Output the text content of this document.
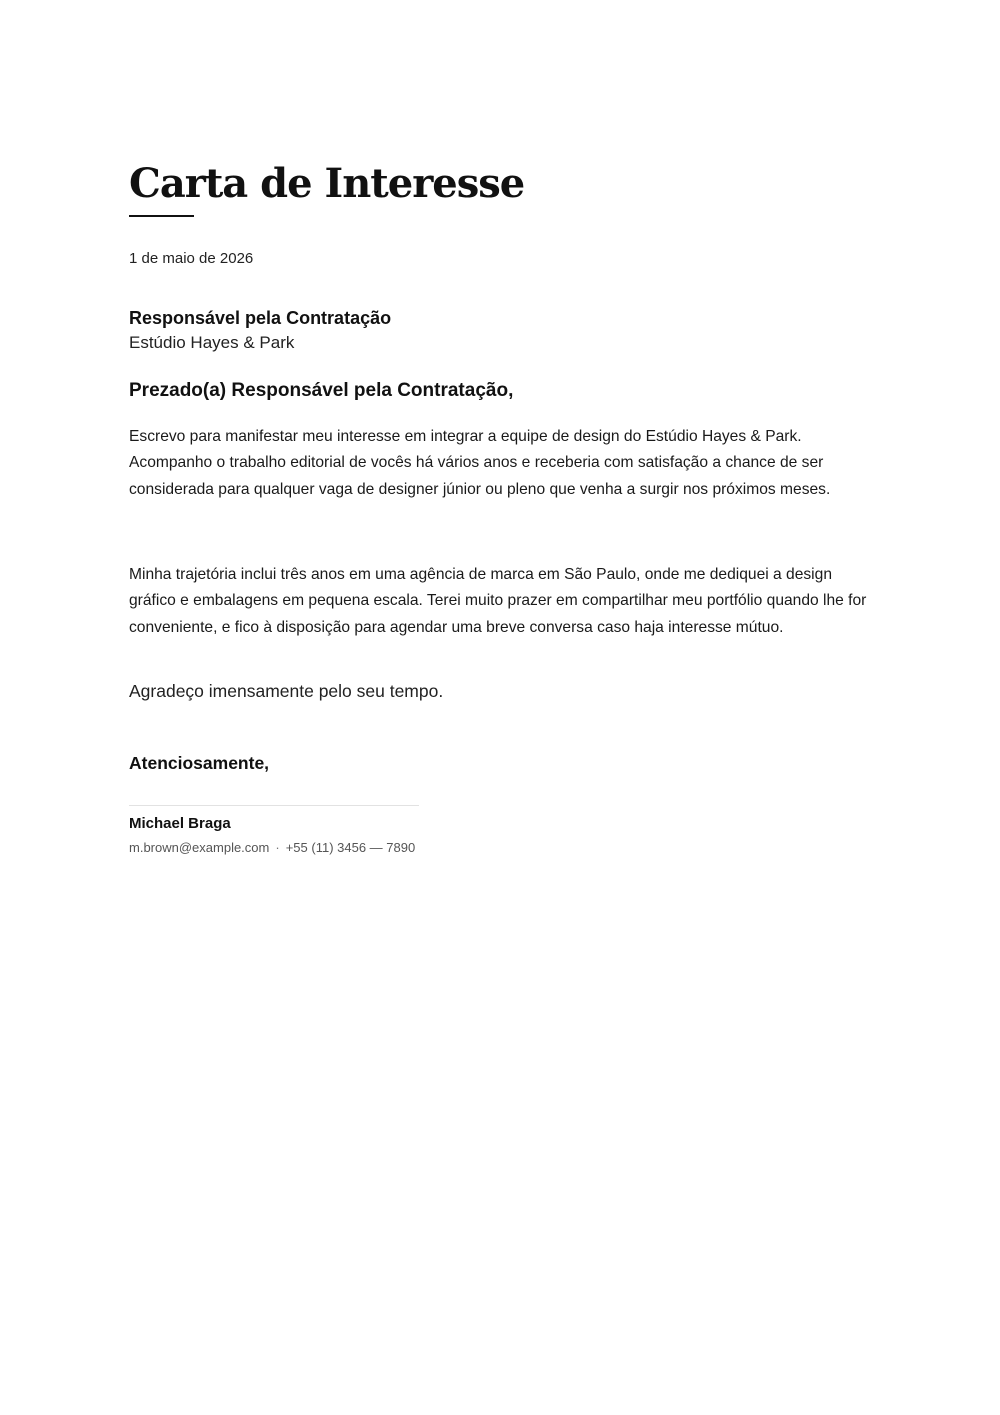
Carta de Interesse
1 de maio de 2026
Responsável pela Contratação
Estúdio Hayes & Park
Prezado(a) Responsável pela Contratação,

Escrevo para manifestar meu interesse em integrar a equipe de design do Estúdio Hayes & Park. Acompanho o trabalho editorial de vocês há vários anos e receberia com satisfação a chance de ser considerada para qualquer vaga de designer júnior ou pleno que venha a surgir nos próximos meses.

Minha trajetória inclui três anos em uma agência de marca em São Paulo, onde me dediquei a design gráfico e embalagens em pequena escala. Terei muito prazer em compartilhar meu portfólio quando lhe for conveniente, e fico à disposição para agendar uma breve conversa caso haja interesse mútuo.

Agradeço imensamente pelo seu tempo.
Atenciosamente,
Michael Braga
m.brown@example.com · +55 (11) 3456 — 7890
